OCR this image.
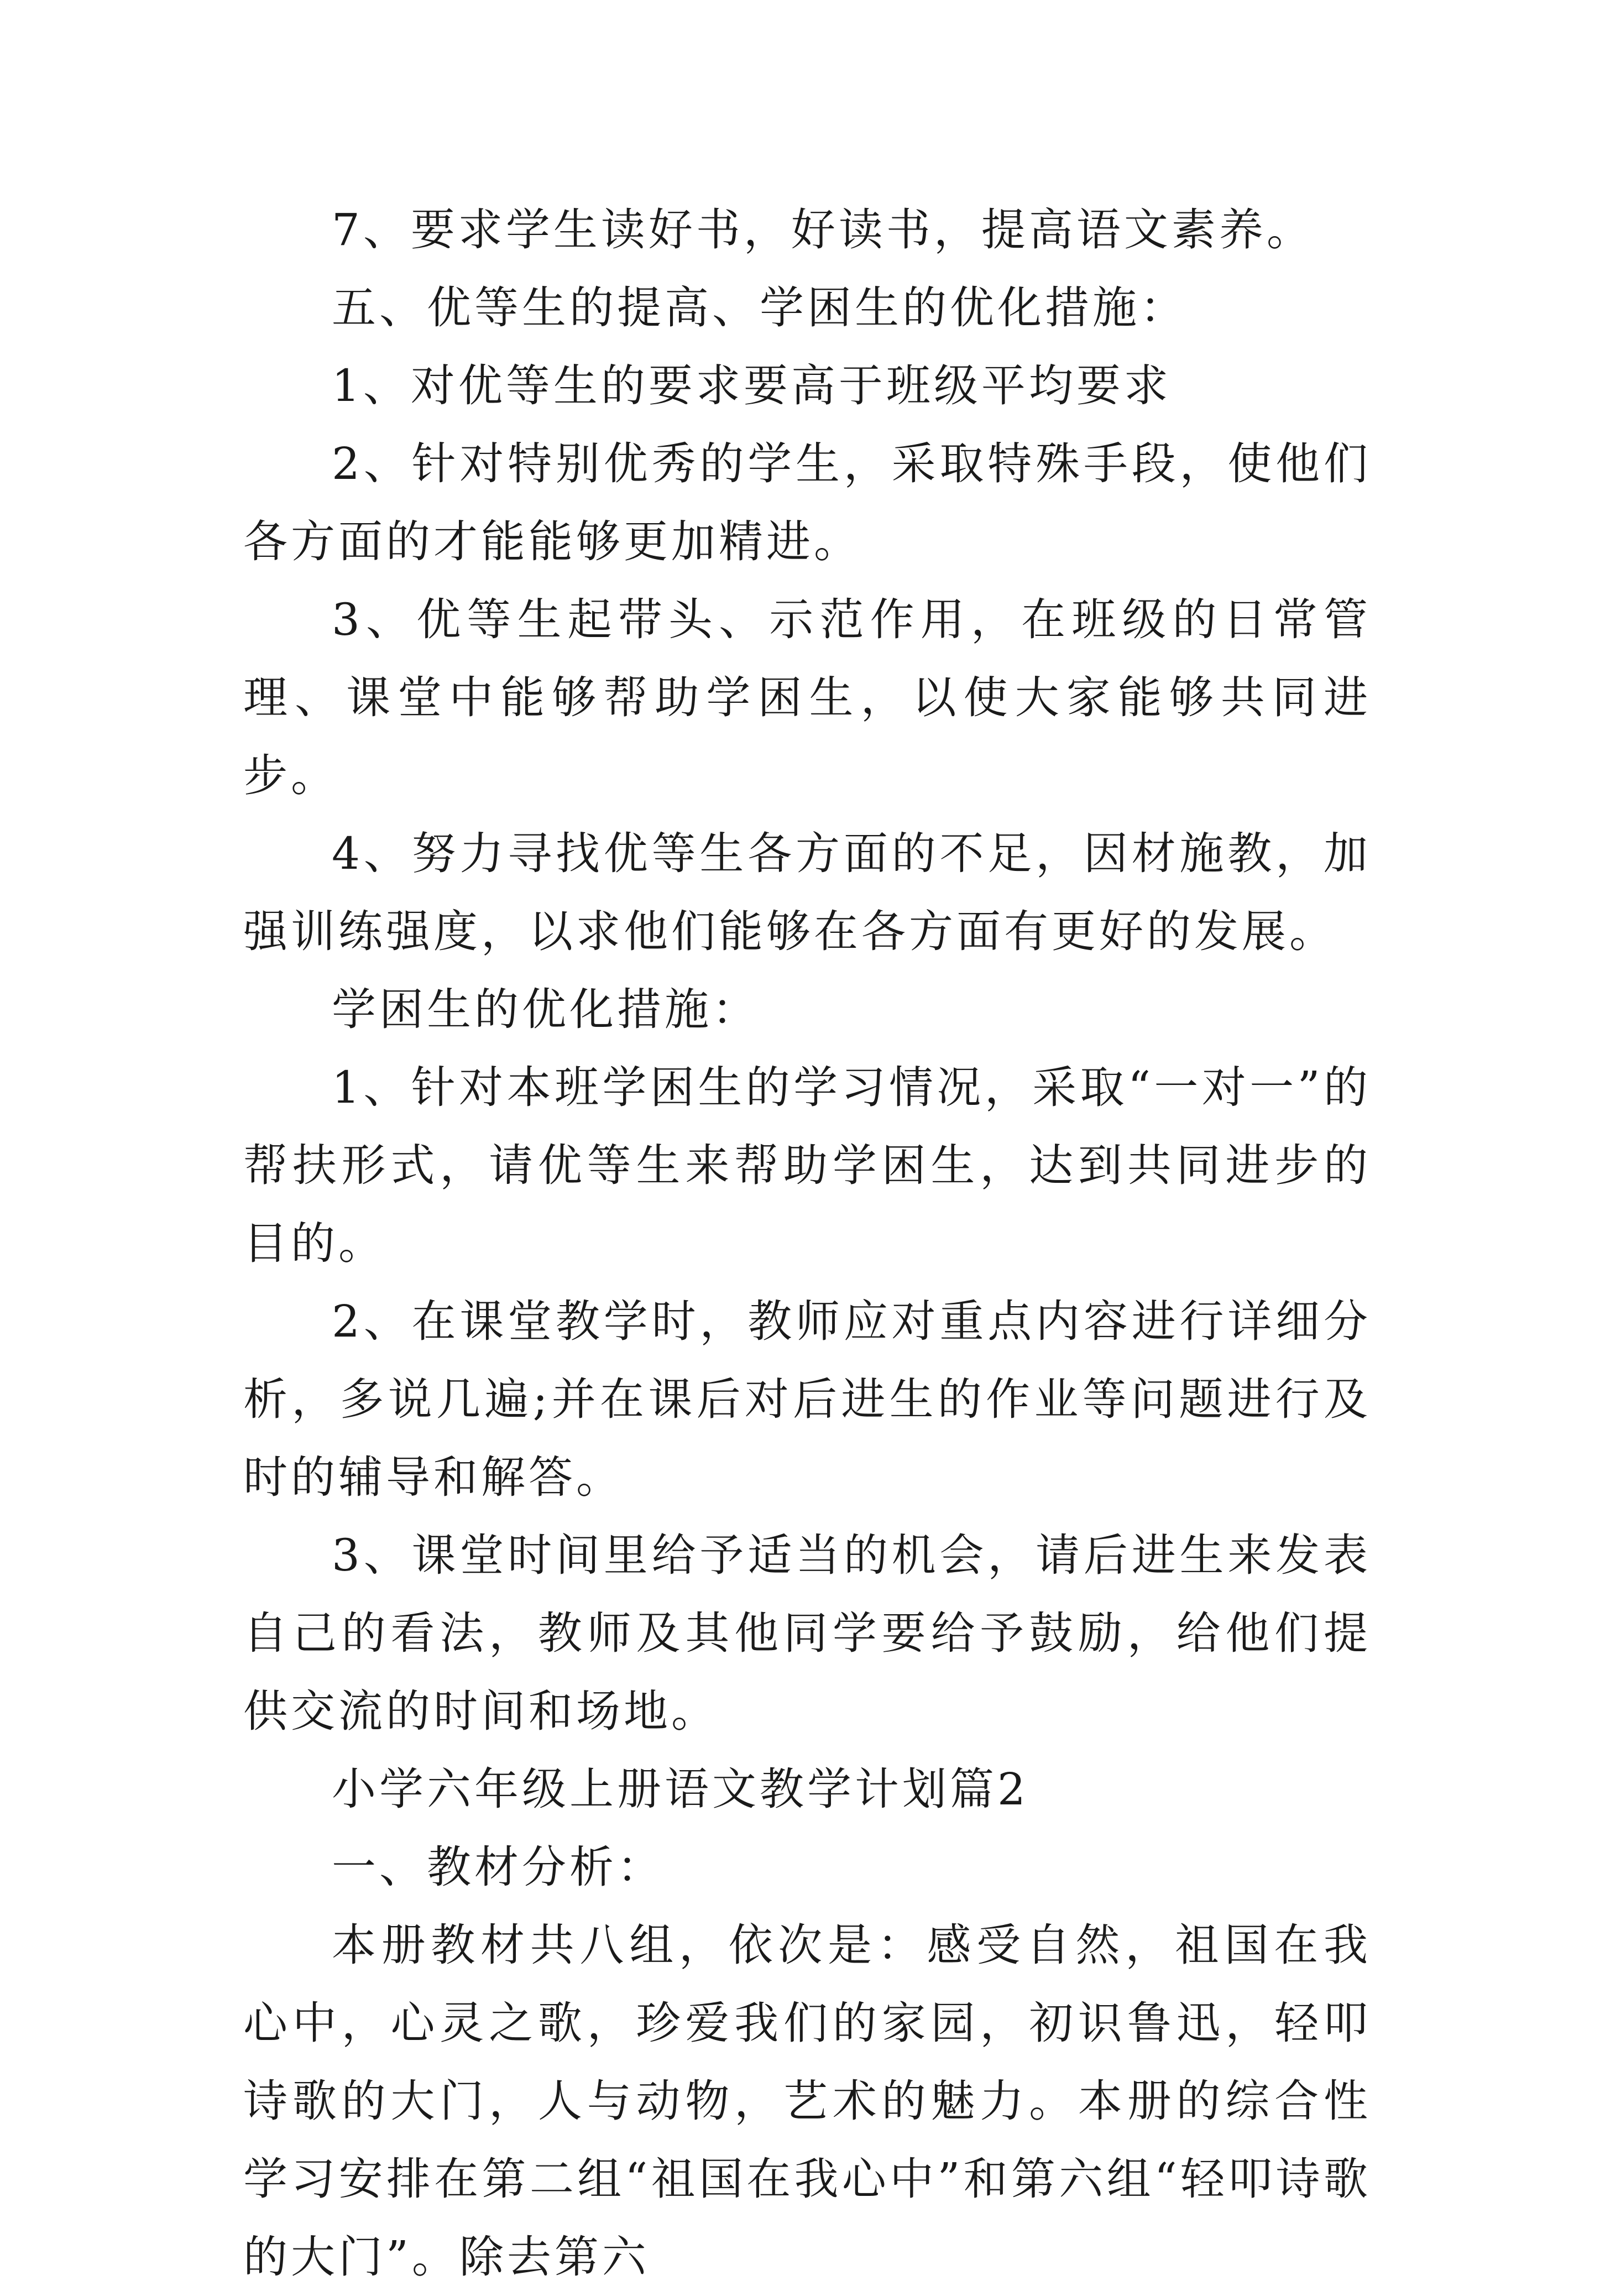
7、要求学生读好书，好读书，提高语文素养。

五、优等生的提高、学困生的优化措施：

1、对优等生的要求要高于班级平均要求

2、针对特别优秀的学生，采取特殊手段，使他们各方面的才能能够更加精进。

3、优等生起带头、示范作用，在班级的日常管理、课堂中能够帮助学困生，以使大家能够共同进步。

4、努力寻找优等生各方面的不足，因材施教，加强训练强度，以求他们能够在各方面有更好的发展。

学困生的优化措施：

1、针对本班学困生的学习情况，采取“一对一”的帮扶形式，请优等生来帮助学困生，达到共同进步的目的。

2、在课堂教学时，教师应对重点内容进行详细分析，多说几遍;并在课后对后进生的作业等问题进行及时的辅导和解答。

3、课堂时间里给予适当的机会，请后进生来发表自己的看法，教师及其他同学要给予鼓励，给他们提供交流的时间和场地。

小学六年级上册语文教学计划篇2

一、教材分析：

本册教材共八组，依次是：感受自然，祖国在我心中，心灵之歌，珍爱我们的家园，初识鲁迅，轻叩诗歌的大门，人与动物，艺术的魅力。本册的综合性学习安排在第二组“祖国在我心中”和第六组“轻叩诗歌的大门”。除去第六
